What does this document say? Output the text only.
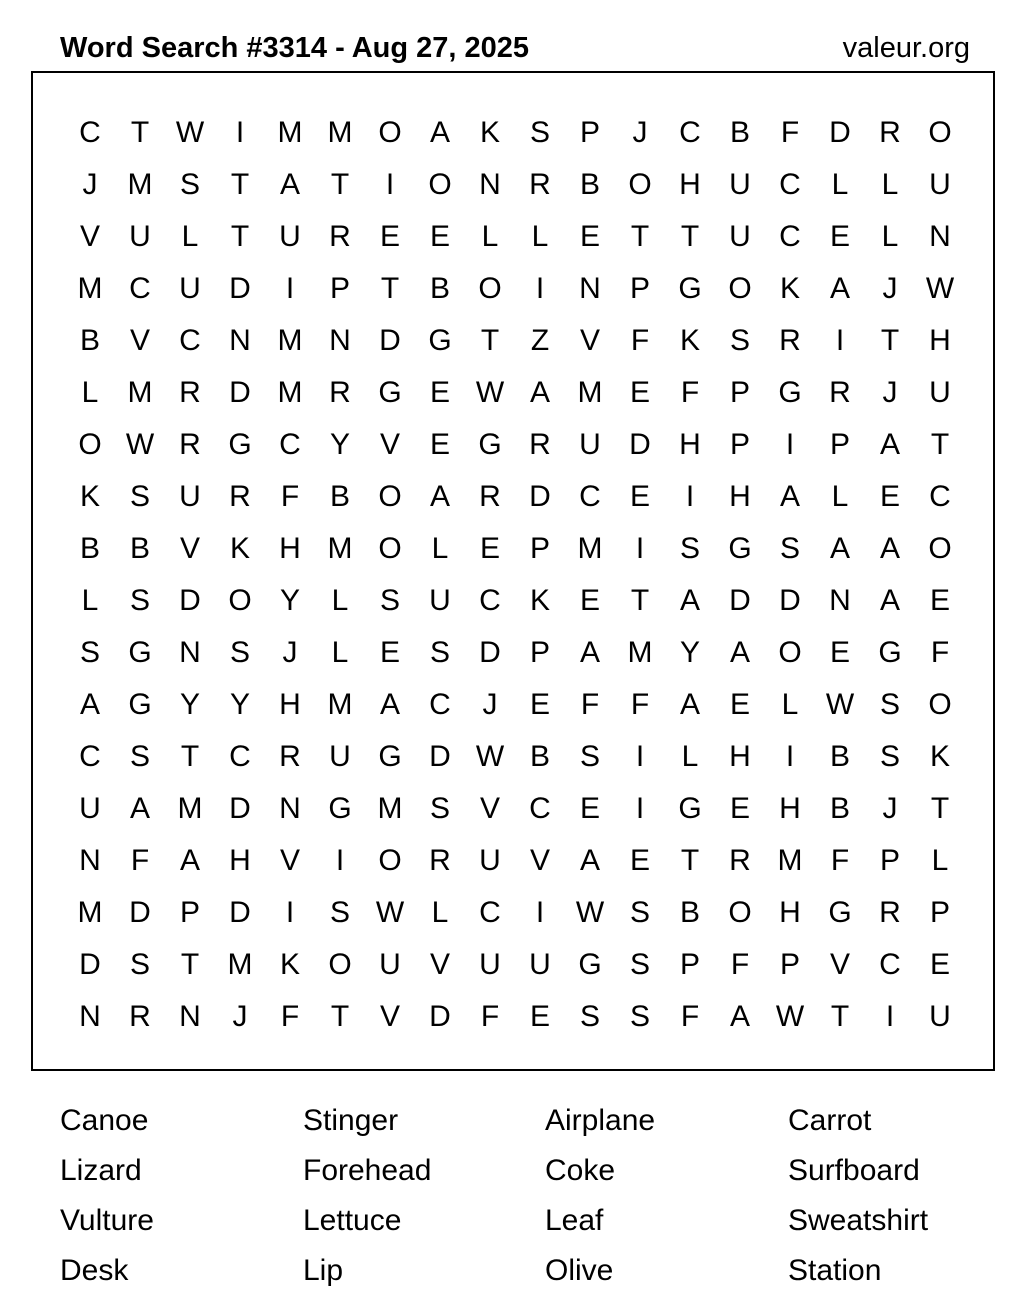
Word Search #3314 - Aug 27, 2025	valeur.org
C	T W	I	M M O A K S P	J	C B	F	D R O
J	M S	T	A	T	I	O N R B O H U C	L	L	U
V U	L	T	U R E E	L	L	E	T	T	U C E	L	N
M C U D	I	P	T	B O	I	N P G O K A	J W
B V C N M N D G T	Z	V	F	K S R	I	T	H
L M R D M R G E W A M E	F	P G R	J	U
O W R G C Y V E G R U D H P	I	P A	T
K S U R	F	B O A R D C E	I	H A	L	E C
B B V K H M O L	E P M	I	S G S A A O
L	S D O Y	L	S U C K E	T	A D D N A E
S G N S	J	L	E S D P A M Y A O E G F
A G Y Y H M A C	J	E	F	F	A E	L W S O
C S	T	C R U G D W B S	I	L	H	I	B S K
U A M D N G M S V C E	I	G E H B	J	T
N	F	A H V	I	O R U V A E	T	R M F	P	L
M D P D	I	S W L	C	I	W S B O H G R P
D S	T M K O U V U U G S P	F	P V C E
N R N	J	F	T	V D	F	E S S	F	A W T	I	U
Canoe	Stinger	Airplane	Carrot
Lizard	Forehead	Coke	Surfboard
Vulture	Lettuce	Leaf	Sweatshirt
Desk	Lip	Olive	Station
